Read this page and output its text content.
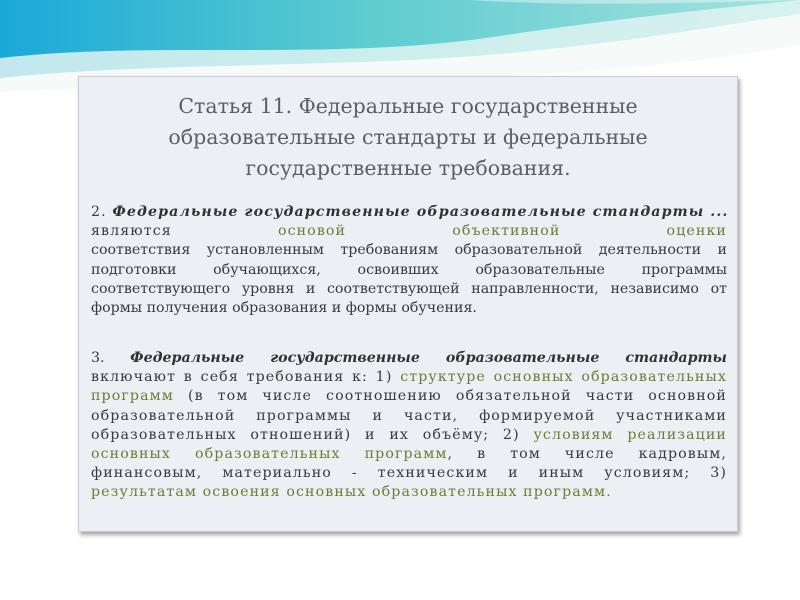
Статья 11. Федеральные государственные
образовательные стандарты и федеральные
государственные требования.
2. Федеральные государственные образовательные стандарты ...
являются	основой объективной оценки
соответствия установленным требованиям образовательной деятельности и подготовки обучающихся, освоивших образовательные программы соответствующего уровня и соответствующей направленности, независимо от формы получения образования и формы обучения.
3. Федеральные государственные образовательные стандарты
включают в себя требования к: 1) структуре основных образовательных программ (в том числе соотношению обязательной части основной образовательной программы и части, формируемой участниками образовательных отношений) и их объёму; 2) условиям реализации основных образовательных программ, в том числе кадровым, финансовым, материально - техническим и иным условиям; 3) результатам освоения основных образовательных программ.
